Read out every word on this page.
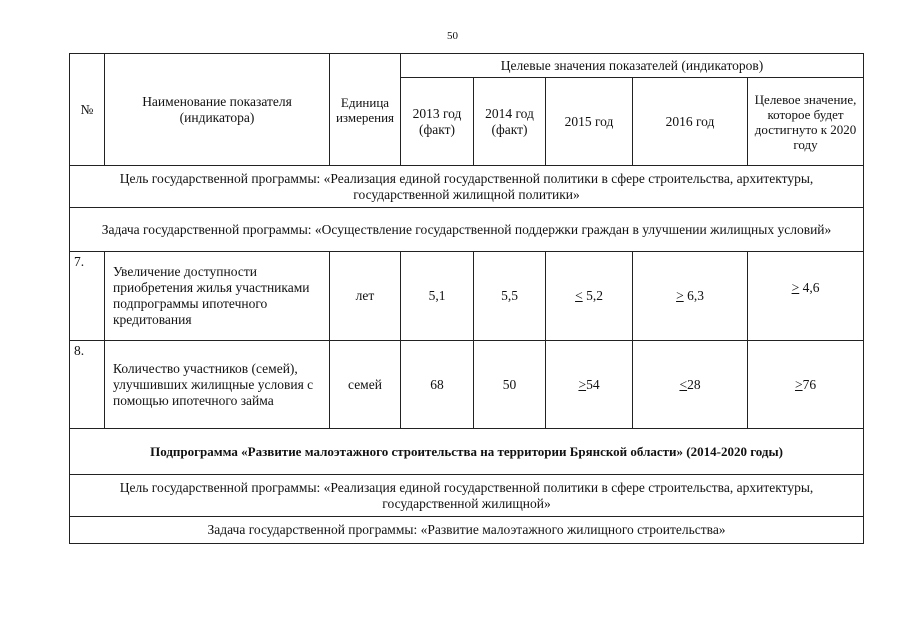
50
№	Наименование показателя (индикатора)	Единица измерения	Целевые значения показателей (индикаторов)				
			2013 год (факт)	2014 год (факт)	2015 год	2016 год	Целевое значение, которое будет достигнуто к 2020 году
Цель государственной программы: «Реализация единой государственной политики в сфере строительства, архитектуры, государственной жилищной политики»							
Задача государственной программы: «Осуществление государственной поддержки граждан в улучшении жилищных условий»							
7.	Увеличение доступности приобретения жилья участниками подпрограммы ипотечного кредитования	лет	5,1	5,5	< 5,2	> 6,3	> 4,6
8.	Количество участников (семей), улучшивших жилищные условия с помощью ипотечного займа	семей	68	50	>54	<28	>76
Подпрограмма «Развитие малоэтажного строительства на территории Брянской области» (2014-2020 годы)							
Цель государственной программы: «Реализация единой государственной политики в сфере строительства, архитектуры, государственной жилищной»							
Задача государственной программы: «Развитие малоэтажного жилищного строительства»							
